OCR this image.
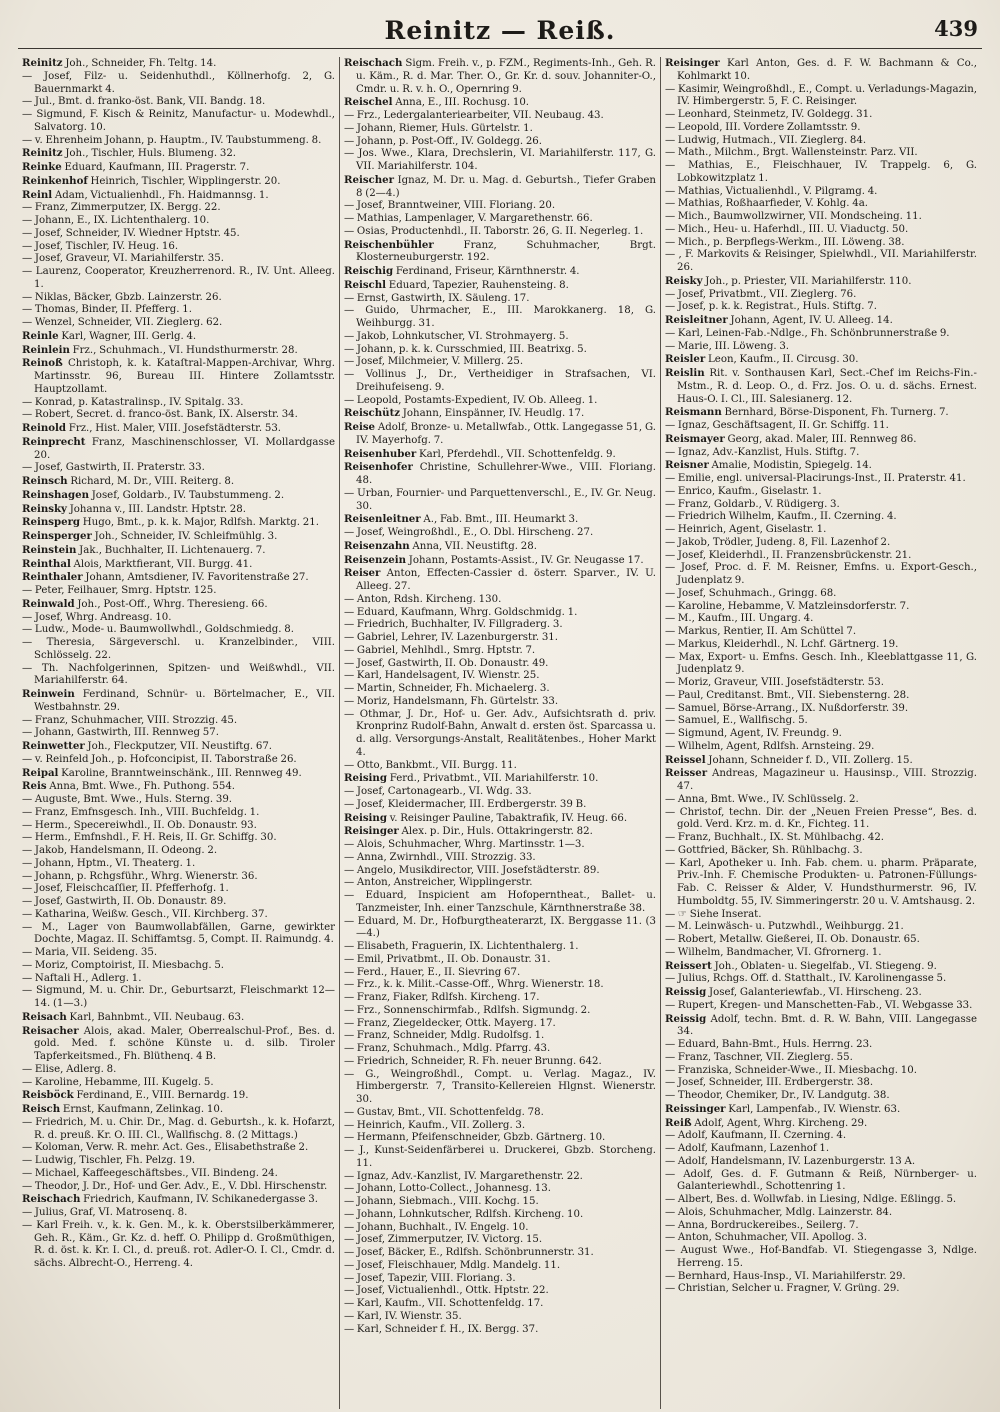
Reinitz — Reiß.	439
Reinitz Joh., Schneider, Fh. Teltg. 14.
— Josef, Filz- u. Seidenhuthdl., Köllnerhofg. 2, G. Bauernmarkt 4.
— Jul., Bmt. d. franko-öst. Bank, VII. Bandg. 18.
— Sigmund, F. Kisch & Reinitz, Manufactur- u. Modewhdl., Salvatorg. 10.
— v. Ehrenheim Johann, p. Hauptm., IV. Taubstummeng. 8.
Reinitz Joh., Tischler, Huls. Blumeng. 32.
Reinke Eduard, Kaufmann, III. Pragerstr. 7.
Reinkenhof Heinrich, Tischler, Wipplingerstr. 20.
Reinl Adam, Victualienhdl., Fh. Haidmannsg. 1.
— Franz, Zimmerputzer, IX. Bergg. 22.
— Johann, E., IX. Lichtenthalerg. 10.
— Josef, Schneider, IV. Wiedner Hptstr. 45.
— Josef, Tischler, IV. Heug. 16.
— Josef, Graveur, VI. Mariahilferstr. 35.
— Laurenz, Cooperator, Kreuzherrenord. R., IV. Unt. Alleeg. 1.
— Niklas, Bäcker, Gbzb. Lainzerstr. 26.
— Thomas, Binder, II. Pfefferg. 1.
— Wenzel, Schneider, VII. Zieglerg. 62.
Reinle Karl, Wagner, III. Gerlg. 4.
Reinlein Frz., Schuhmach., VI. Hundsthurmerstr. 28.
Reinoß Christoph, k. k. Kataſtral-Mappen-Archivar, Whrg. Martinsstr. 96, Bureau III. Hintere Zollamtsstr. Hauptzollamt.
— Konrad, p. Katastralinsp., IV. Spitalg. 33.
— Robert, Secret. d. franco-öst. Bank, IX. Alserstr. 34.
Reinold Frz., Hist. Maler, VIII. Josefstädterstr. 53.
Reinprecht Franz, Maschinenschlosser, VI. Mollardgasse 20.
— Josef, Gastwirth, II. Praterstr. 33.
Reinsch Richard, M. Dr., VIII. Reiterg. 8.
Reinshagen Josef, Goldarb., IV. Taubstummeng. 2.
Reinsky Johanna v., III. Landstr. Hptstr. 28.
Reinsperg Hugo, Bmt., p. k. k. Major, Rdlfsh. Marktg. 21.
Reinsperger Joh., Schneider, IV. Schleifmühlg. 3.
Reinstein Jak., Buchhalter, II. Lichtenauerg. 7.
Reinthal Alois, Marktfierant, VII. Burgg. 41.
Reinthaler Johann, Amtsdiener, IV. Favoritenstraße 27.
— Peter, Feilhauer, Smrg. Hptstr. 125.
Reinwald Joh., Post-Off., Whrg. Theresieng. 66.
— Josef, Whrg. Andreasg. 10.
— Ludw., Mode- u. Baumwollwhdl., Goldschmiedg. 8.
— Theresia, Särgeverschl. u. Kranzelbinder., VIII. Schlösselg. 22.
— Th. Nachfolgerinnen, Spitzen- und Weißwhdl., VII. Mariahilferstr. 64.
Reinwein Ferdinand, Schnür- u. Börtelmacher, E., VII. Westbahnstr. 29.
— Franz, Schuhmacher, VIII. Strozzig. 45.
— Johann, Gastwirth, III. Rennweg 57.
Reinwetter Joh., Fleckputzer, VII. Neustiftg. 67.
— v. Reinfeld Joh., p. Hofconcipist, II. Taborstraße 26.
Reipal Karoline, Branntweinschänk., III. Rennweg 49.
Reis Anna, Bmt. Wwe., Fh. Puthong. 554.
— Auguste, Bmt. Wwe., Huls. Sterng. 39.
— Franz, Emfnsgesch. Inh., VIII. Buchfeldg. 1.
— Herm., Specereiwhdl., II. Ob. Donaustr. 93.
— Herm., Emfnshdl., F. H. Reis, II. Gr. Schiffg. 30.
— Jakob, Handelsmann, II. Odeong. 2.
— Johann, Hptm., VI. Theaterg. 1.
— Johann, p. Rchgsführ., Whrg. Wienerstr. 36.
— Josef, Fleischcaſſier, II. Pfefferhofg. 1.
— Josef, Gastwirth, II. Ob. Donaustr. 89.
— Katharina, Weißw. Gesch., VII. Kirchberg. 37.
— M., Lager von Baumwollabfällen, Garne, gewirkter Dochte, Magaz. II. Schiffamtsg. 5, Compt. II. Raimundg. 4.
— Maria, VII. Seideng. 35.
— Moriz, Comptoirist, II. Miesbachg. 5.
— Naftali H., Adlerg. 1.
— Sigmund, M. u. Chir. Dr., Geburtsarzt, Fleischmarkt 12—14. (1—3.)
Reisach Karl, Bahnbmt., VII. Neubaug. 63.
Reisacher Alois, akad. Maler, Oberrealschul-Prof., Bes. d. gold. Med. f. schöne Künste u. d. silb. Tiroler Tapferkeitsmed., Fh. Blüthenq. 4 B.
— Elise, Adlerg. 8.
— Karoline, Hebamme, III. Kugelg. 5.
Reisböck Ferdinand, E., VIII. Bernardg. 19.
Reisch Ernst, Kaufmann, Zelinkag. 10.
— Friedrich, M. u. Chir. Dr., Mag. d. Geburtsh., k. k. Hofarzt, R. d. preuß. Kr. O. III. Cl., Wallfischg. 8. (2 Mittags.)
— Koloman, Verw. R. mehr. Act. Ges., Elisabethstraße 2.
— Ludwig, Tischler, Fh. Pelzg. 19.
— Michael, Kaffeegeschäftsbes., VII. Bindeng. 24.
— Theodor, J. Dr., Hof- und Ger. Adv., E., V. Dbl. Hirschenstr.
Reischach Friedrich, Kaufmann, IV. Schikanedergasse 3.
— Julius, Graf, VI. Matrosenq. 8.
— Karl Freih. v., k. k. Gen. M., k. k. Oberstsilberkämmerer, Geh. R., Käm., Gr. Kz. d. heff. O. Philipp d. Großmüthigen, R. d. öst. k. Kr. I. Cl., d. preuß. rot. Adler-O. I. Cl., Cmdr. d. sächs. Albrecht-O., Herreng. 4.
Reischach Sigm. Freih. v., p. FZM., Regiments-Inh., Geh. R. u. Käm., R. d. Mar. Ther. O., Gr. Kr. d. souv. Johanniter-O., Cmdr. u. R. v. h. O., Opernring 9.
Reischel Anna, E., III. Rochusg. 10.
— Frz., Ledergalanteriearbeiter, VII. Neubaug. 43.
— Johann, Riemer, Huls. Gürtelstr. 1.
— Johann, p. Post-Off., IV. Goldegg. 26.
— Jos. Wwe., Klara, Drechslerin, VI. Mariahilferstr. 117, G. VII. Mariahilferstr. 104.
Reischer Ignaz, M. Dr. u. Mag. d. Geburtsh., Tiefer Graben 8 (2—4.)
— Josef, Branntweiner, VIII. Floriang. 20.
— Mathias, Lampenlager, V. Margarethenstr. 66.
— Osias, Productenhdl., II. Taborstr. 26, G. II. Negerleg. 1.
Reischenbühler Franz, Schuhmacher, Brgt. Klosterneuburgerstr. 192.
Reischig Ferdinand, Friseur, Kärnthnerstr. 4.
Reischl Eduard, Tapezier, Rauhensteing. 8.
— Ernst, Gastwirth, IX. Säuleng. 17.
— Guido, Uhrmacher, E., III. Marokkanerg. 18, G. Weihburgg. 31.
— Jakob, Lohnkutscher, VI. Strohmayerg. 5.
— Johann, p. k. k. Cursschmied, III. Beatrixg. 5.
— Josef, Milchmeier, V. Millerg. 25.
— Vollinus J., Dr., Vertheidiger in Strafsachen, VI. Dreihufeiseng. 9.
— Leopold, Postamts-Expedient, IV. Ob. Alleeg. 1.
Reischütz Johann, Einspänner, IV. Heudlg. 17.
Reise Adolf, Bronze- u. Metallwfab., Ottk. Langegasse 51, G. IV. Mayerhofg. 7.
Reisenhuber Karl, Pferdehdl., VII. Schottenfeldg. 9.
Reisenhofer Christine, Schullehrer-Wwe., VIII. Floriang. 48.
— Urban, Fournier- und Parquettenverschl., E., IV. Gr. Neug. 30.
Reisenleitner A., Fab. Bmt., III. Heumarkt 3.
— Josef, Weingroßhdl., E., O. Dbl. Hirscheng. 27.
Reisenzahn Anna, VII. Neustiftg. 28.
Reisenzein Johann, Postamts-Assist., IV. Gr. Neugasse 17.
Reiser Anton, Effecten-Cassier d. österr. Sparver., IV. U. Alleeg. 27.
— Anton, Rdsh. Kircheng. 130.
— Eduard, Kaufmann, Whrg. Goldschmidg. 1.
— Friedrich, Buchhalter, IV. Fillgraderg. 3.
— Gabriel, Lehrer, IV. Lazenburgerstr. 31.
— Gabriel, Mehlhdl., Smrg. Hptstr. 7.
— Josef, Gastwirth, II. Ob. Donaustr. 49.
— Karl, Handelsagent, IV. Wienstr. 25.
— Martin, Schneider, Fh. Michaelerg. 3.
— Moriz, Handelsmann, Fh. Gürtelstr. 33.
— Othmar, J. Dr., Hof- u. Ger. Adv., Aufsichtsrath d. priv. Kronprinz Rudolf-Bahn, Anwalt d. ersten öst. Sparcassa u. d. allg. Versorgungs-Anstalt, Realitätenbes., Hoher Markt 4.
— Otto, Bankbmt., VII. Burgg. 11.
Reising Ferd., Privatbmt., VII. Mariahilferstr. 10.
— Josef, Cartonagearb., VI. Wdg. 33.
— Josef, Kleidermacher, III. Erdbergerstr. 39 B.
Reising v. Reisinger Pauline, Tabaktrafik, IV. Heug. 66.
Reisinger Alex. p. Dir., Huls. Ottakringerstr. 82.
— Alois, Schuhmacher, Whrg. Martinsstr. 1—3.
— Anna, Zwirnhdl., VIII. Strozzig. 33.
— Angelo, Musikdirector, VIII. Josefstädterstr. 89.
— Anton, Anstreicher, Wipplingerstr.
— Eduard, Inspicient am Hofoperntheat., Ballet- u. Tanzmeister, Inh. einer Tanzschule, Kärnthnerstraße 38.
— Eduard, M. Dr., Hofburgtheaterarzt, IX. Berggasse 11. (3—4.)
— Elisabeth, Fraguerin, IX. Lichtenthalerg. 1.
— Emil, Privatbmt., II. Ob. Donaustr. 31.
— Ferd., Hauer, E., II. Sievring 67.
— Frz., k. k. Milit.-Casse-Off., Whrg. Wienerstr. 18.
— Franz, Fiaker, Rdlfsh. Kircheng. 17.
— Frz., Sonnenschirmfab., Rdlfsh. Sigmundg. 2.
— Franz, Ziegeldecker, Ottk. Mayerg. 17.
— Franz, Schneider, Mdlg. Rudolfsg. 1.
— Franz, Schuhmach., Mdlg. Pfarrg. 43.
— Friedrich, Schneider, R. Fh. neuer Brunng. 642.
— G., Weingroßhdl., Compt. u. Verlag. Magaz., IV. Himbergerstr. 7, Transito-Kellereien Hlgnst. Wienerstr. 30.
— Gustav, Bmt., VII. Schottenfeldg. 78.
— Heinrich, Kaufm., VII. Zollerg. 3.
— Hermann, Pfeifenschneider, Gbzb. Gärtnerg. 10.
— J., Kunst-Seidenfärberei u. Druckerei, Gbzb. Storcheng. 11.
— Ignaz, Adv.-Kanzlist, IV. Margarethenstr. 22.
— Johann, Lotto-Collect., Johannesg. 13.
— Johann, Siebmach., VIII. Kochg. 15.
— Johann, Lohnkutscher, Rdlfsh. Kircheng. 10.
— Johann, Buchhalt., IV. Engelg. 10.
— Josef, Zimmerputzer, IV. Victorg. 15.
— Josef, Bäcker, E., Rdlfsh. Schönbrunnerstr. 31.
— Josef, Fleischhauer, Mdlg. Mandelg. 11.
— Josef, Tapezir, VIII. Floriang. 3.
— Josef, Victualienhdl., Ottk. Hptstr. 22.
— Karl, Kaufm., VII. Schottenfeldg. 17.
— Karl, IV. Wienstr. 35.
— Karl, Schneider f. H., IX. Bergg. 37.
Reisinger Karl Anton, Ges. d. F. W. Bachmann & Co., Kohlmarkt 10.
— Kasimir, Weingroßhdl., E., Compt. u. Verladungs-Magazin, IV. Himbergerstr. 5, F. C. Reisinger.
— Leonhard, Steinmetz, IV. Goldegg. 31.
— Leopold, III. Vordere Zollamtsstr. 9.
— Ludwig, Hutmach., VII. Zieglerg. 84.
— Math., Milchm., Brgt. Wallensteinstr. Parz. VII.
— Mathias, E., Fleischhauer, IV. Trappelg. 6, G. Lobkowitzplatz 1.
— Mathias, Victualienhdl., V. Pilgramg. 4.
— Mathias, Roßhaarfieder, V. Kohlg. 4a.
— Mich., Baumwollzwirner, VII. Mondscheing. 11.
— Mich., Heu- u. Haferhdl., III. U. Viaductg. 50.
— Mich., p. Berpflegs-Werkm., III. Löweng. 38.
— , F. Markovits & Reisinger, Spielwhdl., VII. Mariahilferstr. 26.
Reisky Joh., p. Priester, VII. Mariahilferstr. 110.
— Josef, Privatbmt., VII. Zieglerg. 76.
— Josef, p. k. k. Registrat., Huls. Stiftg. 7.
Reisleitner Johann, Agent, IV. U. Alleeg. 14.
— Karl, Leinen-Fab.-Ndlge., Fh. Schönbrunnerstraße 9.
— Marie, III. Löweng. 3.
Reisler Leon, Kaufm., II. Circusg. 30.
Reislin Rit. v. Sonthausen Karl, Sect.-Chef im Reichs-Fin.-Mstm., R. d. Leop. O., d. Frz. Jos. O. u. d. sächs. Ernest. Haus-O. I. Cl., III. Salesianerg. 12.
Reismann Bernhard, Börse-Disponent, Fh. Turnerg. 7.
— Ignaz, Geschäftsagent, II. Gr. Schiffg. 11.
Reismayer Georg, akad. Maler, III. Rennweg 86.
— Ignaz, Adv.-Kanzlist, Huls. Stiftg. 7.
Reisner Amalie, Modistin, Spiegelg. 14.
— Emilie, engl. universal-Placirungs-Inst., II. Praterstr. 41.
— Enrico, Kaufm., Giselastr. 1.
— Franz, Goldarb., V. Rüdigerg. 3.
— Friedrich Wilhelm, Kaufm., II. Czerning. 4.
— Heinrich, Agent, Giselastr. 1.
— Jakob, Trödler, Judeng. 8, Fil. Lazenhof 2.
— Josef, Kleiderhdl., II. Franzensbrückenstr. 21.
— Josef, Proc. d. F. M. Reisner, Emfns. u. Export-Gesch., Judenplatz 9.
— Josef, Schuhmach., Gringg. 68.
— Karoline, Hebamme, V. Matzleinsdorferstr. 7.
— M., Kaufm., III. Ungarg. 4.
— Markus, Rentier, II. Am Schüttel 7.
— Markus, Kleiderhdl., N. Lchf. Gärtnerg. 19.
— Max, Export- u. Emfns. Gesch. Inh., Kleeblattgasse 11, G. Judenplatz 9.
— Moriz, Graveur, VIII. Josefstädterstr. 53.
— Paul, Creditanst. Bmt., VII. Siebensterng. 28.
— Samuel, Börse-Arrang., IX. Nußdorferstr. 39.
— Samuel, E., Wallfischg. 5.
— Sigmund, Agent, IV. Freundg. 9.
— Wilhelm, Agent, Rdlfsh. Arnsteing. 29.
Reissel Johann, Schneider f. D., VII. Zollerg. 15.
Reisser Andreas, Magazineur u. Hausinsp., VIII. Strozzig. 47.
— Anna, Bmt. Wwe., IV. Schlüsselg. 2.
— Christof, techn. Dir. der „Neuen Freien Presse“, Bes. d. gold. Verd. Krz. m. d. Kr., Fichteg. 11.
— Franz, Buchhalt., IX. St. Mühlbachg. 42.
— Gottfried, Bäcker, Sh. Rühlbachg. 3.
— Karl, Apotheker u. Inh. Fab. chem. u. pharm. Präparate, Priv.-Inh. F. Chemische Produkten- u. Patronen-Füllungs-Fab. C. Reisser & Alder, V. Hundsthurmerstr. 96, IV. Humboldtg. 55, IV. Simmeringerstr. 20 u. V. Amtshausg. 2.
— ☞ Siehe Inserat.
— M. Leinwäsch- u. Putzwhdl., Weihburgg. 21.
— Robert, Metallw. Gießerei, II. Ob. Donaustr. 65.
— Wilhelm, Bandmacher, VI. Gfrornerg. 1.
Reissert Joh., Oblaten- u. Siegelfab., VI. Stiegeng. 9.
— Julius, Rchgs. Off. d. Statthalt., IV. Karolinengasse 5.
Reissig Josef, Galanteriewfab., VI. Hirscheng. 23.
— Rupert, Kregen- und Manschetten-Fab., VI. Webgasse 33.
Reissig Adolf, techn. Bmt. d. R. W. Bahn, VIII. Langegasse 34.
— Eduard, Bahn-Bmt., Huls. Herrng. 23.
— Franz, Taschner, VII. Zieglerg. 55.
— Franziska, Schneider-Wwe., II. Miesbachg. 10.
— Josef, Schneider, III. Erdbergerstr. 38.
— Theodor, Chemiker, Dr., IV. Landgutg. 38.
Reissinger Karl, Lampenfab., IV. Wienstr. 63.
Reiß Adolf, Agent, Whrg. Kircheng. 29.
— Adolf, Kaufmann, II. Czerning. 4.
— Adolf, Kaufmann, Lazenhof 1.
— Adolf, Handelsmann, IV. Lazenburgerstr. 13 A.
— Adolf, Ges. d. F. Gutmann & Reiß, Nürnberger- u. Galanteriewhdl., Schottenring 1.
— Albert, Bes. d. Wollwfab. in Liesing, Ndlge. Eßlingg. 5.
— Alois, Schuhmacher, Mdlg. Lainzerstr. 84.
— Anna, Bordruckereibes., Seilerg. 7.
— Anton, Schuhmacher, VII. Apollog. 3.
— August Wwe., Hof-Bandfab. VI. Stiegengasse 3, Ndlge. Herreng. 15.
— Bernhard, Haus-Insp., VI. Mariahilferstr. 29.
— Christian, Selcher u. Fragner, V. Grüng. 29.
